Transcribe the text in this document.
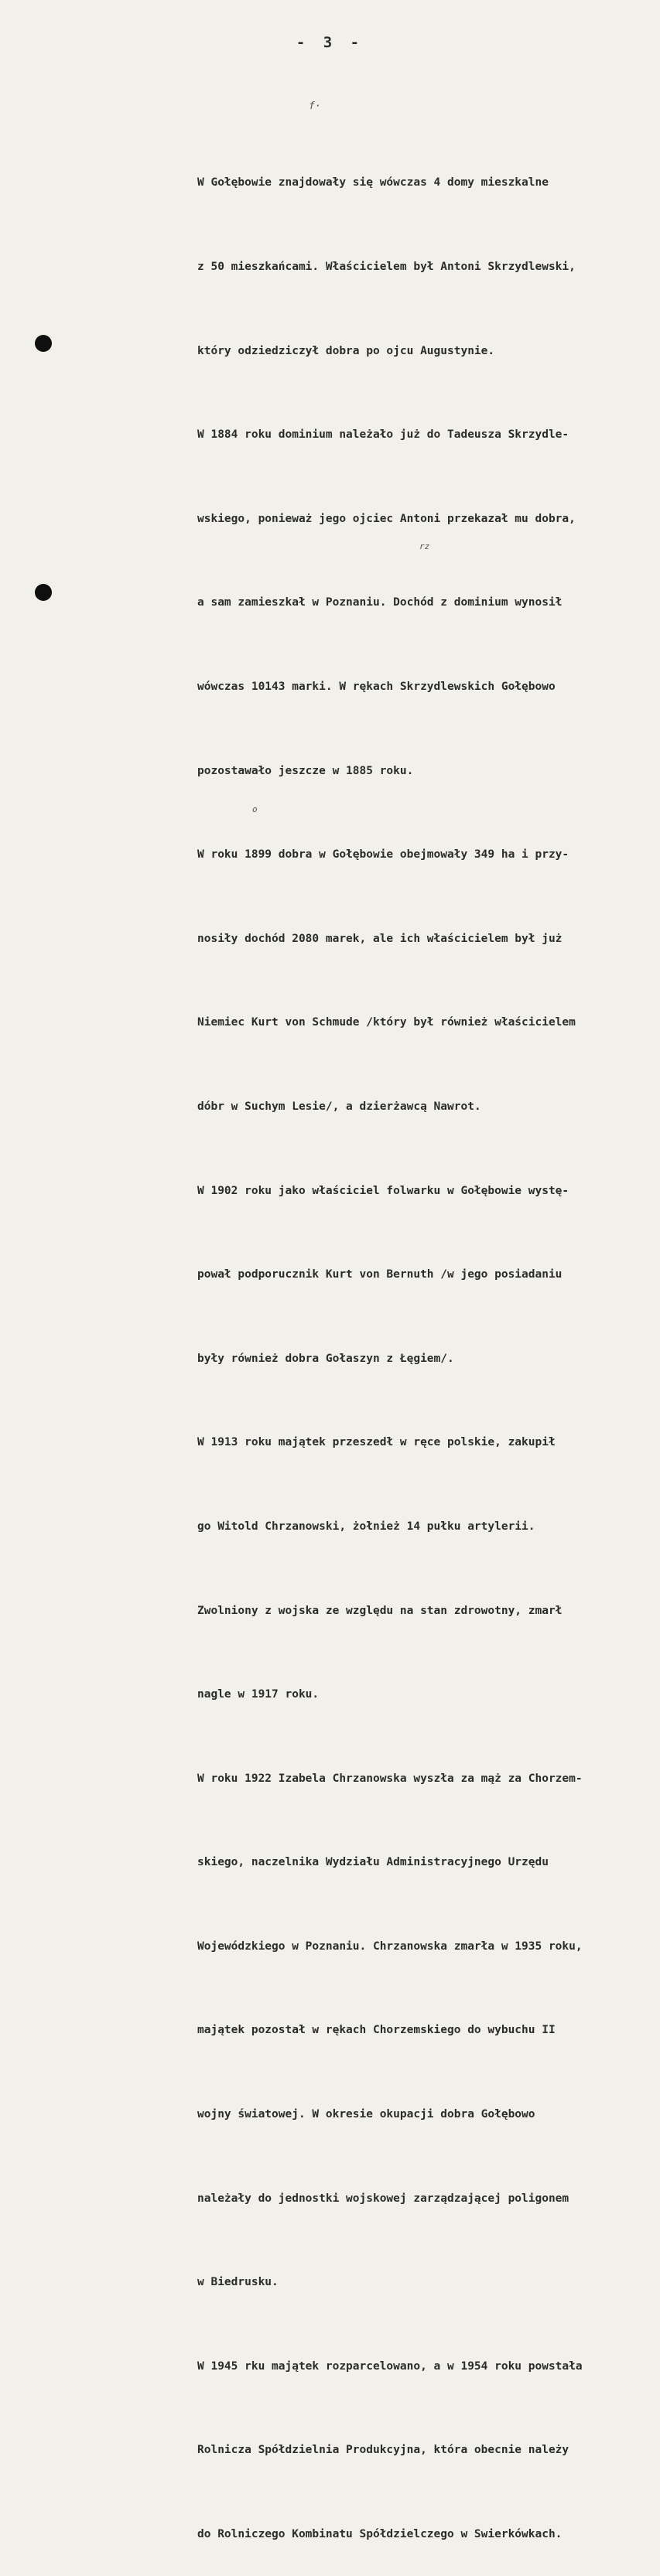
- 3 -
f·
rz
o

W Gołębowie znajdowały się wówczas 4 domy mieszkalne

z 50 mieszkańcami. Właścicielem był Antoni Skrzydlewski,

który odziedziczył dobra po ojcu Augustynie.

W 1884 roku dominium należało już do Tadeusza Skrzydle-

wskiego, ponieważ jego ojciec Antoni przekazał mu dobra,

a sam zamieszkał w Poznaniu. Dochód z dominium wynosił

wówczas 10143 marki. W rękach Skrzydlewskich Gołębowo

pozostawało jeszcze w 1885 roku.

W roku 1899 dobra w Gołębowie obejmowały 349 ha i przy-

nosiły dochód 2080 marek, ale ich właścicielem był już

Niemiec Kurt von Schmude /który był również właścicielem

dóbr w Suchym Lesie/, a dzierżawcą Nawrot.

W 1902 roku jako właściciel folwarku w Gołębowie wystę-

pował podporucznik Kurt von Bernuth /w jego posiadaniu

były również dobra Gołaszyn z Łęgiem/.

W 1913 roku majątek przeszedł w ręce polskie, zakupił

go Witold Chrzanowski, żołnież 14 pułku artylerii.

Zwolniony z wojska ze względu na stan zdrowotny, zmarł

nagle w 1917 roku.

W roku 1922 Izabela Chrzanowska wyszła za mąż za Chorzem-

skiego, naczelnika Wydziału Administracyjnego Urzędu

Wojewódzkiego w Poznaniu. Chrzanowska zmarła w 1935 roku,

majątek pozostał w rękach Chorzemskiego do wybuchu II

wojny światowej. W okresie okupacji dobra Gołębowo

należały do jednostki wojskowej zarządzającej poligonem

w Biedrusku.

W 1945 rku majątek rozparcelowano, a w 1954 roku powstała

Rolnicza Spółdzielnia Produkcyjna, która obecnie należy

do Rolniczego Kombinatu Spółdzielczego w Swierkówkach.
